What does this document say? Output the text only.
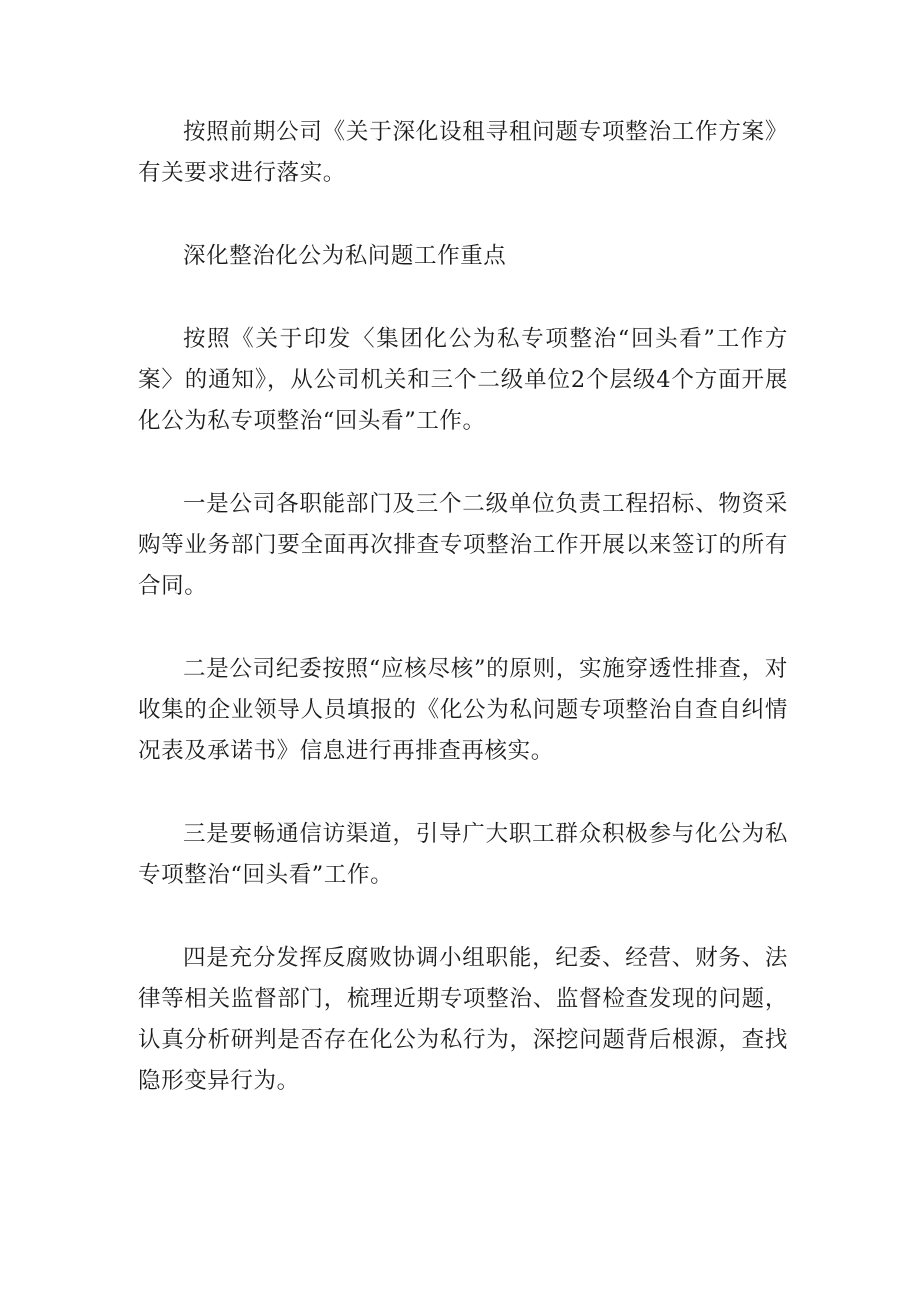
按照前期公司《关于深化设租寻租问题专项整治工作方案》有关要求进行落实。

深化整治化公为私问题工作重点

按照《关于印发〈集团化公为私专项整治“回头看”工作方案〉的通知》，从公司机关和三个二级单位2个层级4个方面开展化公为私专项整治“回头看”工作。

一是公司各职能部门及三个二级单位负责工程招标、物资采购等业务部门要全面再次排查专项整治工作开展以来签订的所有合同。

二是公司纪委按照“应核尽核”的原则，实施穿透性排查，对收集的企业领导人员填报的《化公为私问题专项整治自查自纠情况表及承诺书》信息进行再排查再核实。

三是要畅通信访渠道，引导广大职工群众积极参与化公为私专项整治“回头看”工作。

四是充分发挥反腐败协调小组职能，纪委、经营、财务、法律等相关监督部门，梳理近期专项整治、监督检查发现的问题，认真分析研判是否存在化公为私行为，深挖问题背后根源，查找隐形变异行为。
